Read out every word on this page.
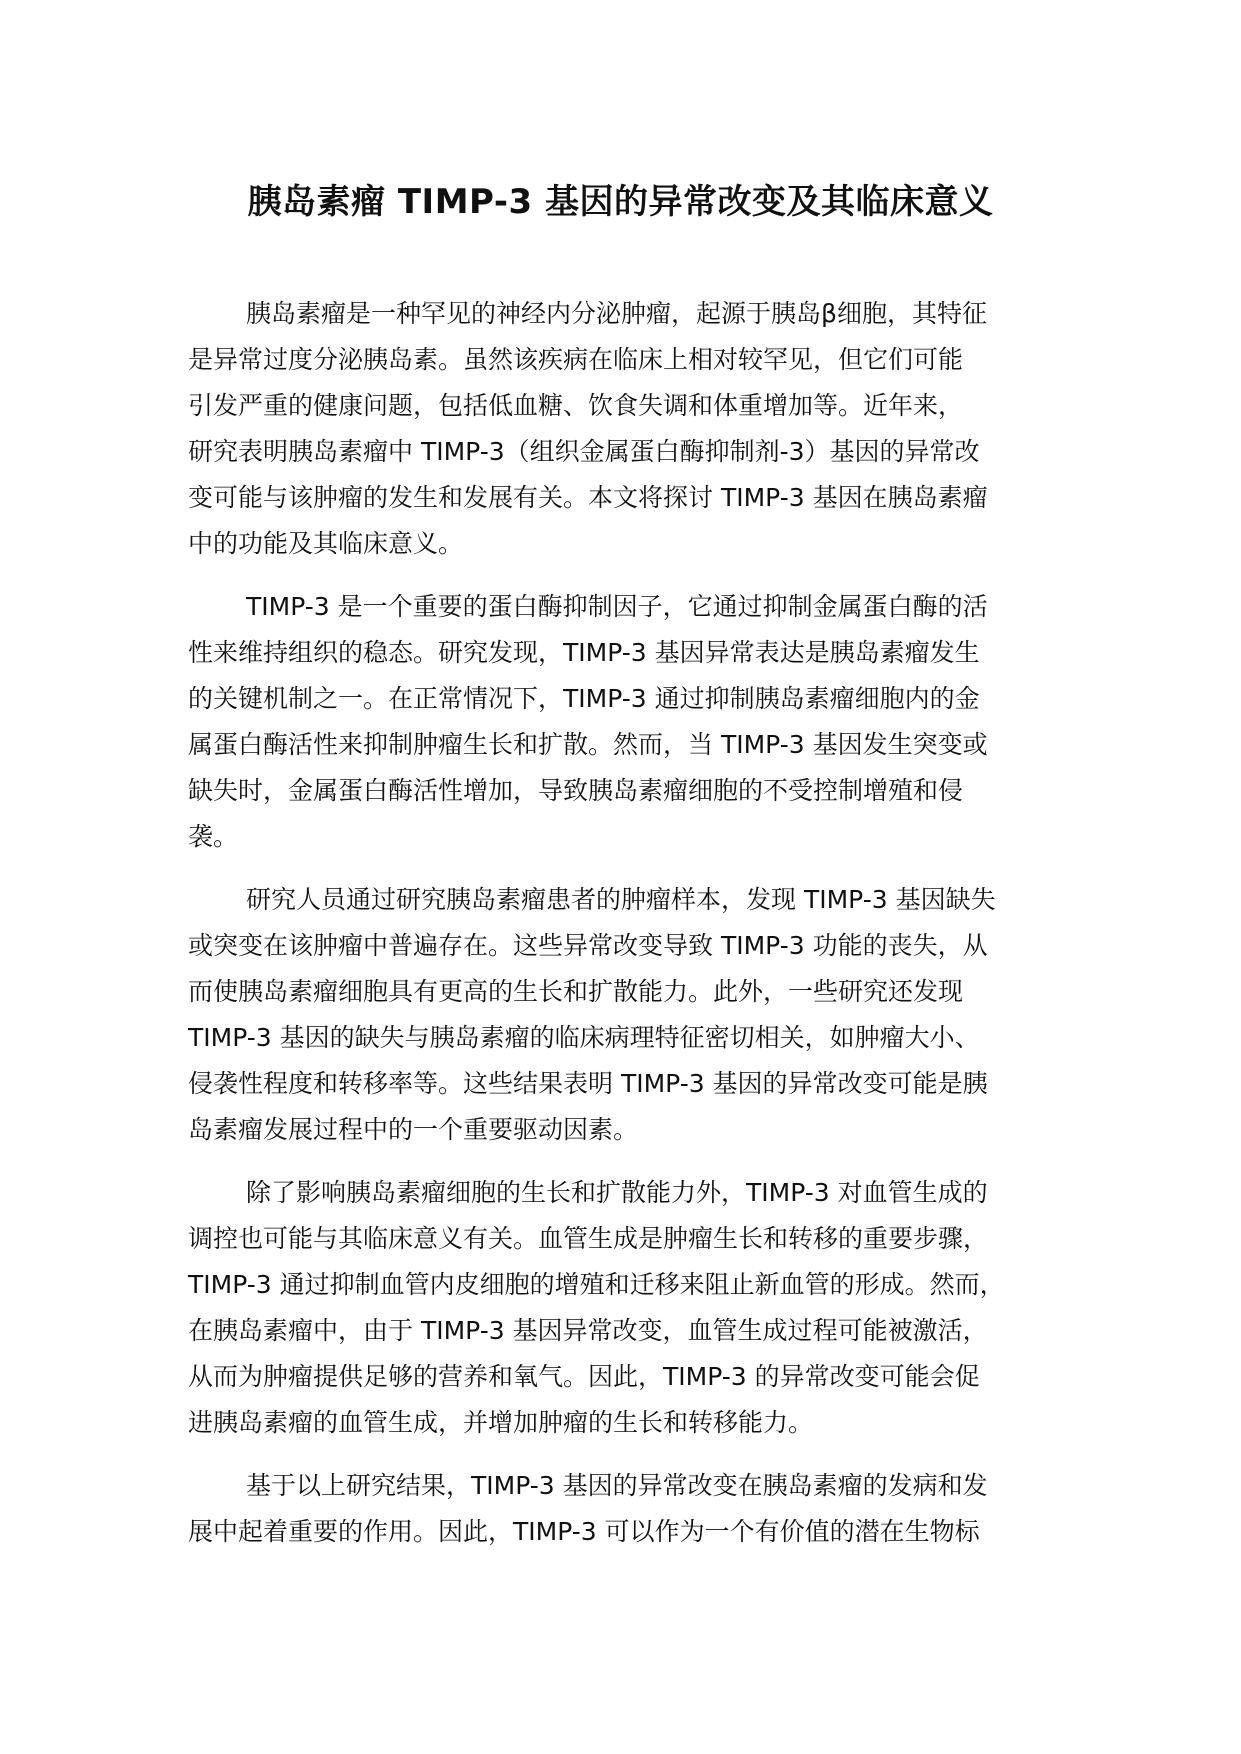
胰岛素瘤 TIMP-3 基因的异常改变及其临床意义
胰岛素瘤是一种罕见的神经内分泌肿瘤，起源于胰岛β细胞，其特征
是异常过度分泌胰岛素。虽然该疾病在临床上相对较罕见，但它们可能
引发严重的健康问题，包括低血糖、饮食失调和体重增加等。近年来，
研究表明胰岛素瘤中 TIMP-3（组织金属蛋白酶抑制剂-3）基因的异常改
变可能与该肿瘤的发生和发展有关。本文将探讨 TIMP-3 基因在胰岛素瘤
中的功能及其临床意义。
TIMP-3 是一个重要的蛋白酶抑制因子，它通过抑制金属蛋白酶的活
性来维持组织的稳态。研究发现，TIMP-3 基因异常表达是胰岛素瘤发生
的关键机制之一。在正常情况下，TIMP-3 通过抑制胰岛素瘤细胞内的金
属蛋白酶活性来抑制肿瘤生长和扩散。然而，当 TIMP-3 基因发生突变或
缺失时，金属蛋白酶活性增加，导致胰岛素瘤细胞的不受控制增殖和侵
袭。
研究人员通过研究胰岛素瘤患者的肿瘤样本，发现 TIMP-3 基因缺失
或突变在该肿瘤中普遍存在。这些异常改变导致 TIMP-3 功能的丧失，从
而使胰岛素瘤细胞具有更高的生长和扩散能力。此外，一些研究还发现
TIMP-3 基因的缺失与胰岛素瘤的临床病理特征密切相关，如肿瘤大小、
侵袭性程度和转移率等。这些结果表明 TIMP-3 基因的异常改变可能是胰
岛素瘤发展过程中的一个重要驱动因素。
除了影响胰岛素瘤细胞的生长和扩散能力外，TIMP-3 对血管生成的
调控也可能与其临床意义有关。血管生成是肿瘤生长和转移的重要步骤，
TIMP-3 通过抑制血管内皮细胞的增殖和迁移来阻止新血管的形成。然而，
在胰岛素瘤中，由于 TIMP-3 基因异常改变，血管生成过程可能被激活，
从而为肿瘤提供足够的营养和氧气。因此，TIMP-3 的异常改变可能会促
进胰岛素瘤的血管生成，并增加肿瘤的生长和转移能力。
基于以上研究结果，TIMP-3 基因的异常改变在胰岛素瘤的发病和发
展中起着重要的作用。因此，TIMP-3 可以作为一个有价值的潜在生物标
